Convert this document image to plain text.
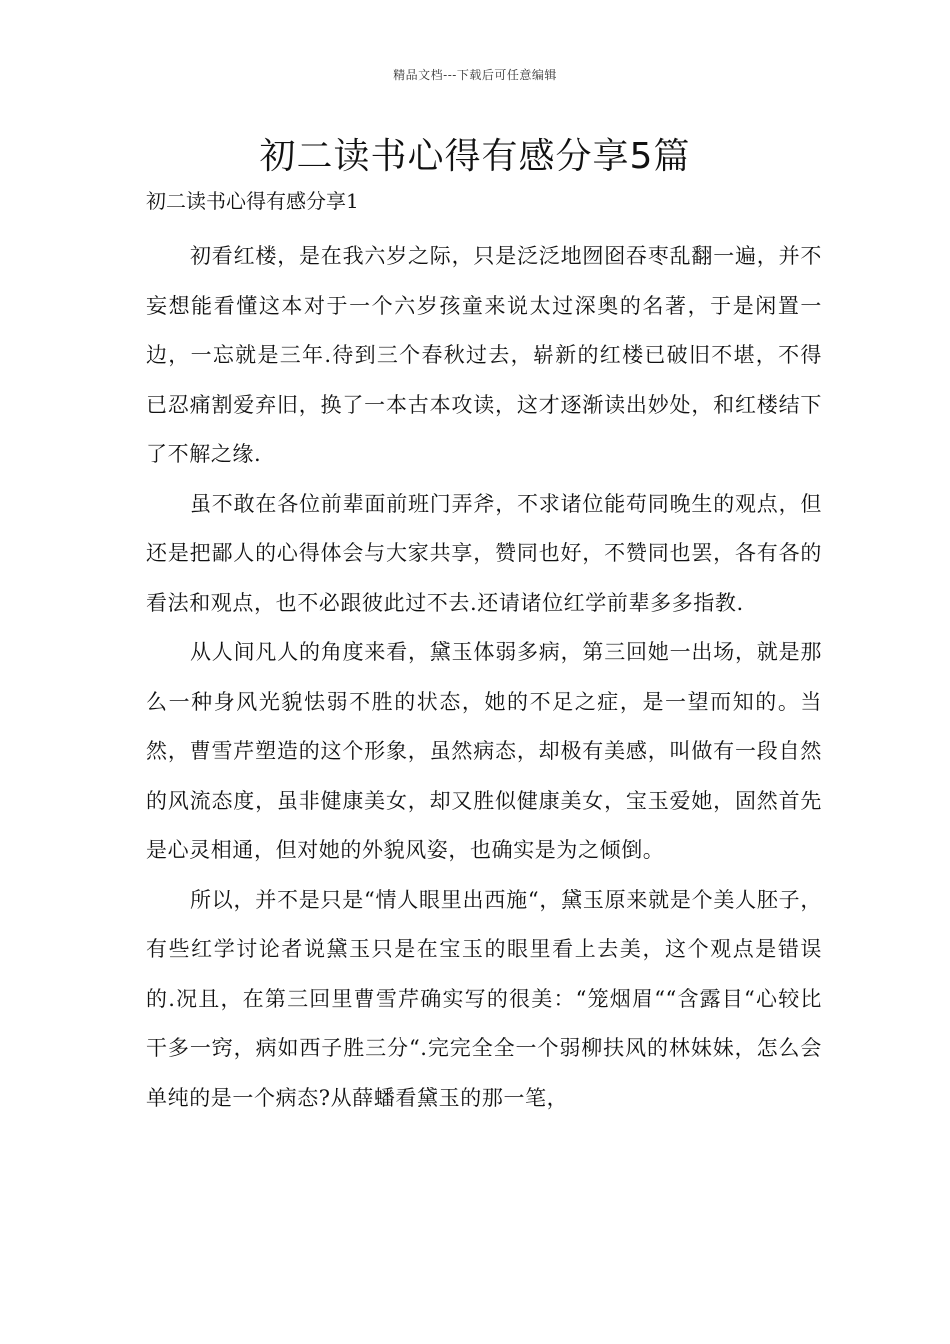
精品文档---下载后可任意编辑
初二读书心得有感分享5篇
初二读书心得有感分享1

初看红楼，是在我六岁之际，只是泛泛地囫囵吞枣乱翻一遍，并不妄想能看懂这本对于一个六岁孩童来说太过深奥的名著，于是闲置一边，一忘就是三年.待到三个春秋过去，崭新的红楼已破旧不堪，不得已忍痛割爱弃旧，换了一本古本攻读，这才逐渐读出妙处，和红楼结下了不解之缘.

虽不敢在各位前辈面前班门弄斧，不求诸位能苟同晚生的观点，但还是把鄙人的心得体会与大家共享，赞同也好，不赞同也罢，各有各的看法和观点，也不必跟彼此过不去.还请诸位红学前辈多多指教.

从人间凡人的角度来看，黛玉体弱多病，第三回她一出场，就是那么一种身风光貌怯弱不胜的状态，她的不足之症，是一望而知的。当然，曹雪芹塑造的这个形象，虽然病态，却极有美感，叫做有一段自然的风流态度，虽非健康美女，却又胜似健康美女，宝玉爱她，固然首先是心灵相通，但对她的外貌风姿，也确实是为之倾倒。

所以，并不是只是“情人眼里出西施“，黛玉原来就是个美人胚子，有些红学讨论者说黛玉只是在宝玉的眼里看上去美，这个观点是错误的.况且，在第三回里曹雪芹确实写的很美：“笼烟眉““含露目“心较比干多一窍，病如西子胜三分“.完完全全一个弱柳扶风的林妹妹，怎么会单纯的是一个病态?从薛蟠看黛玉的那一笔，
